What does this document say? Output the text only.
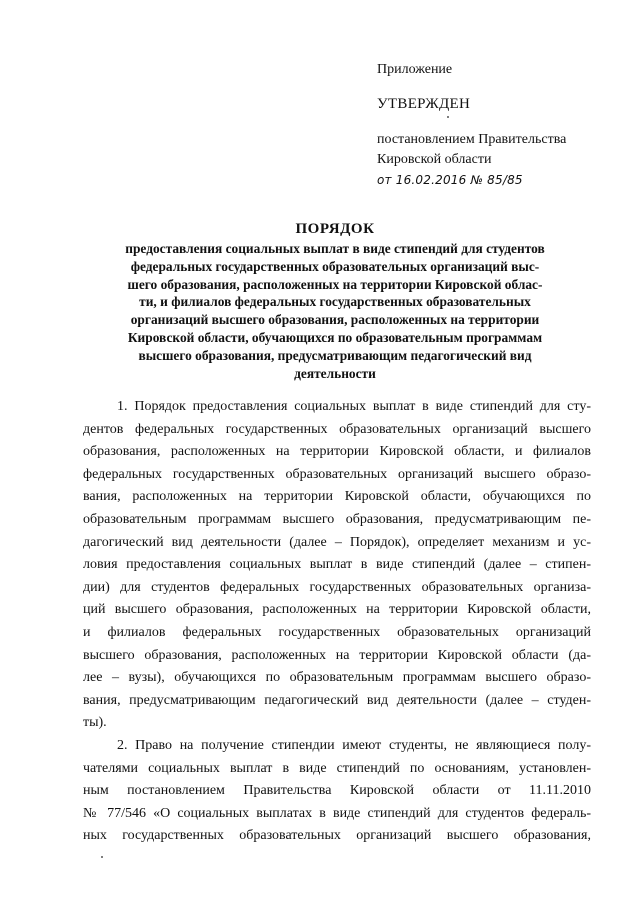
Приложение
УТВЕРЖДЕН
постановлением Правительства
Кировской области
от 16.02.2016 № 85/85
ПОРЯДОК
предоставления социальных выплат в виде стипендий для студентов
федеральных государственных образовательных организаций выс-
шего образования, расположенных на территории Кировской облас-
ти, и филиалов федеральных государственных образовательных
организаций высшего образования, расположенных на территории
Кировской области, обучающихся по образовательным программам
высшего образования, предусматривающим педагогический вид
деятельности
1. Порядок предоставления социальных выплат в виде стипендий для сту-
дентов федеральных государственных образовательных организаций высшего
образования, расположенных на территории Кировской области, и филиалов
федеральных государственных образовательных организаций высшего образо-
вания, расположенных на территории Кировской области, обучающихся по
образовательным программам высшего образования, предусматривающим пе-
дагогический вид деятельности (далее – Порядок), определяет механизм и ус-
ловия предоставления социальных выплат в виде стипендий (далее – стипен-
дии) для студентов федеральных государственных образовательных организа-
ций высшего образования, расположенных на территории Кировской области,
и филиалов федеральных государственных образовательных организаций
высшего образования, расположенных на территории Кировской области (да-
лее – вузы), обучающихся по образовательным программам высшего образо-
вания, предусматривающим педагогический вид деятельности (далее – студен-
ты).
2. Право на получение стипендии имеют студенты, не являющиеся полу-
чателями социальных выплат в виде стипендий по основаниям, установлен-
ным постановлением Правительства Кировской области от 11.11.2010
№ 77/546 «О социальных выплатах в виде стипендий для студентов федераль-
ных государственных образовательных организаций высшего образования,
